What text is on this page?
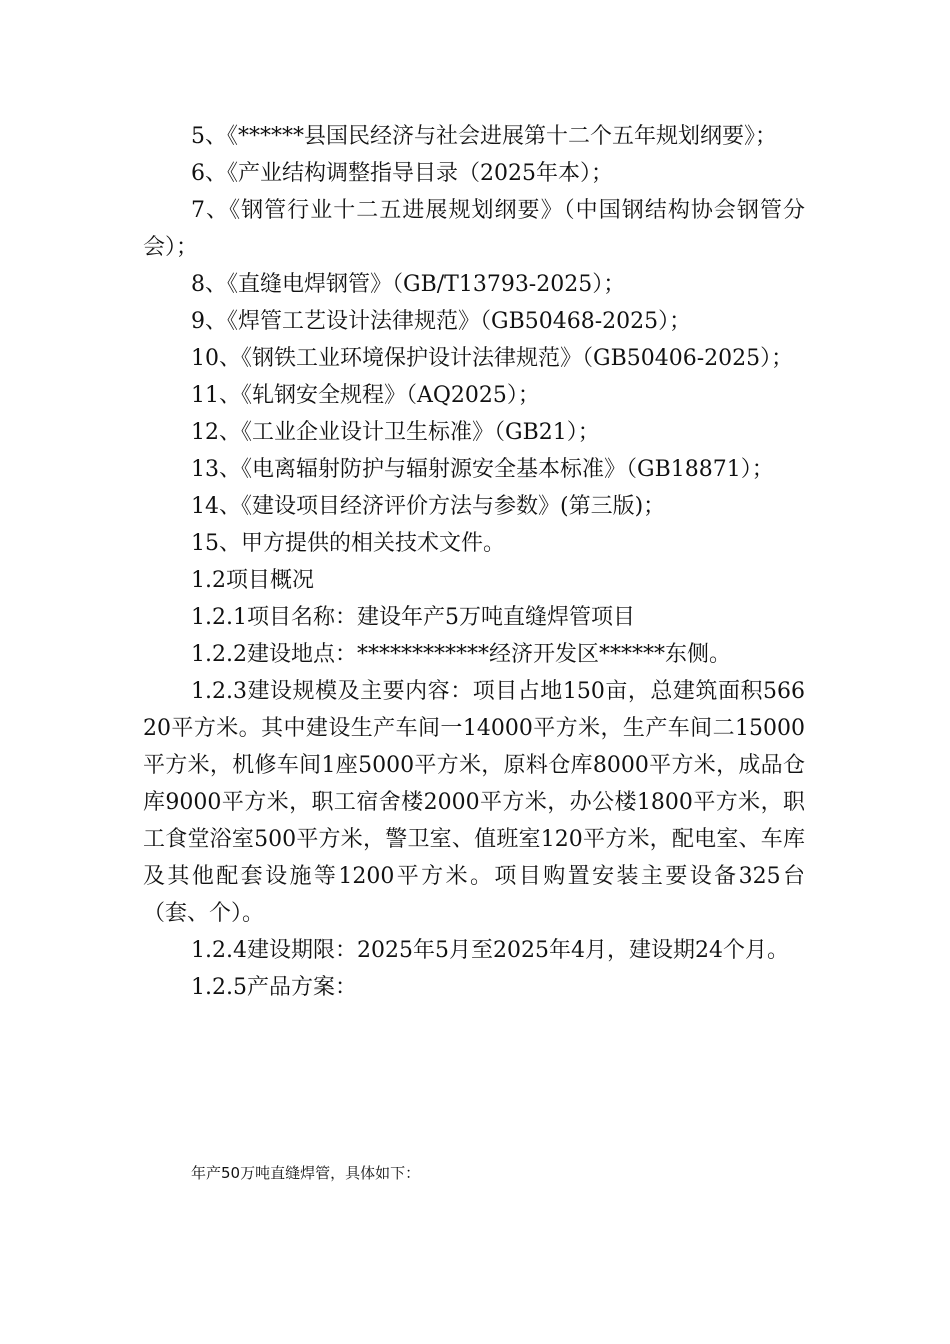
5、《******县国民经济与社会进展第十二个五年规划纲要》；

6、《产业结构调整指导目录（2025年本）；

7、《钢管行业十二五进展规划纲要》（中国钢结构协会钢管分会）；

8、《直缝电焊钢管》（GB/T13793-2025）；

9、《焊管工艺设计法律规范》（GB50468-2025）；

10、《钢铁工业环境保护设计法律规范》（GB50406-2025）；

11、《轧钢安全规程》（AQ2025）；

12、《工业企业设计卫生标准》（GB21）；

13、《电离辐射防护与辐射源安全基本标准》（GB18871）；

14、《建设项目经济评价方法与参数》(第三版)；

15、甲方提供的相关技术文件。

1.2项目概况

1.2.1项目名称：建设年产5万吨直缝焊管项目

1.2.2建设地点：************经济开发区******东侧。

1.2.3建设规模及主要内容：项目占地150亩，总建筑面积56620平方米。其中建设生产车间一14000平方米，生产车间二15000平方米，机修车间1座5000平方米，原料仓库8000平方米，成品仓库9000平方米，职工宿舍楼2000平方米，办公楼1800平方米，职工食堂浴室500平方米，警卫室、值班室120平方米，配电室、车库及其他配套设施等1200平方米。项目购置安装主要设备325台（套、个）。

1.2.4建设期限：2025年5月至2025年4月，建设期24个月。

1.2.5产品方案：

年产50万吨直缝焊管，具体如下：
